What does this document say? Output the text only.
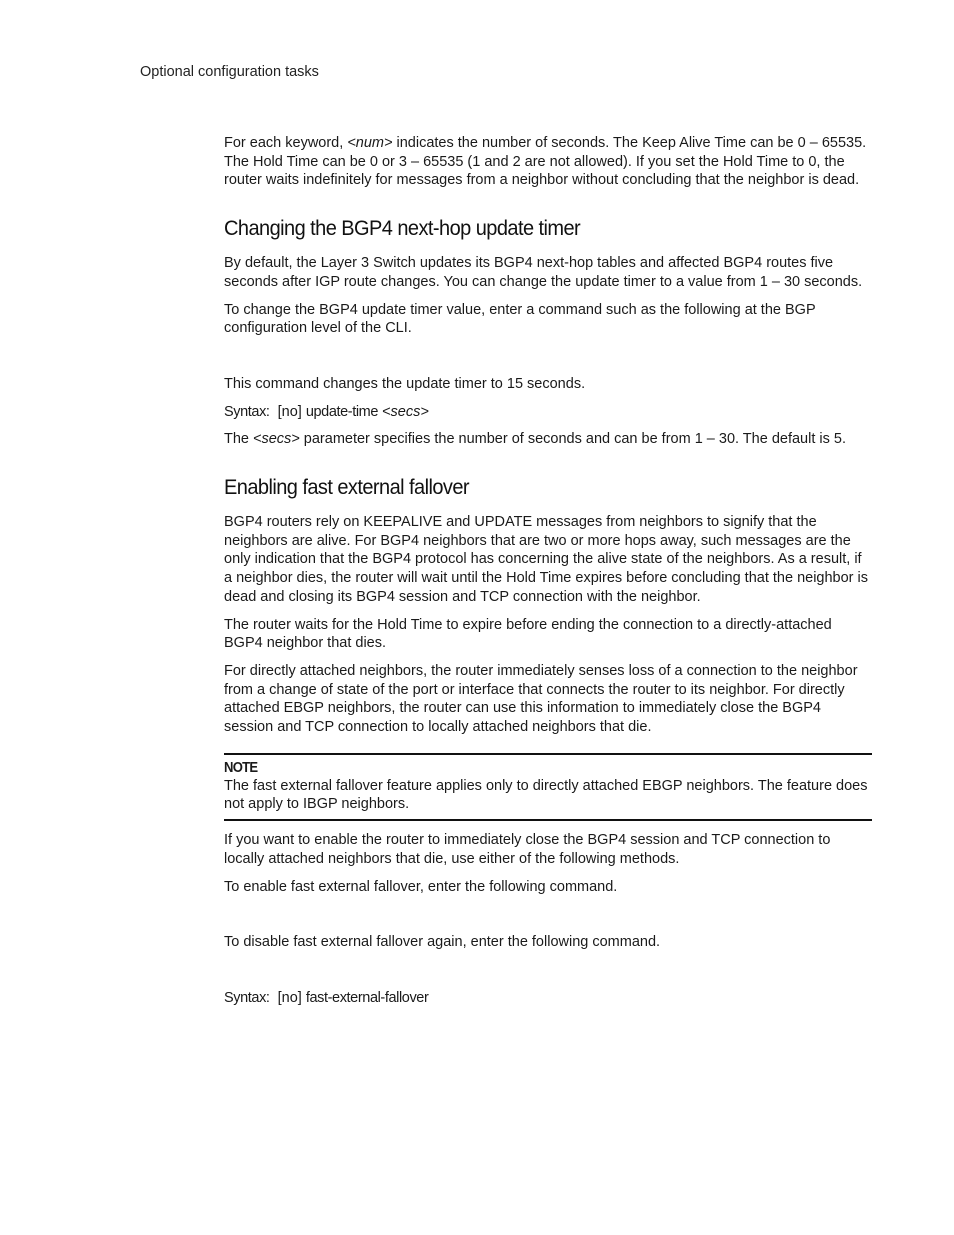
Optional configuration tasks

For each keyword, <num> indicates the number of seconds. The Keep Alive Time can be 0 – 65535. The Hold Time can be 0 or 3 – 65535 (1 and 2 are not allowed). If you set the Hold Time to 0, the router waits indefinitely for messages from a neighbor without concluding that the neighbor is dead.

Changing the BGP4 next-hop update timer

By default, the Layer 3 Switch updates its BGP4 next-hop tables and affected BGP4 routes five seconds after IGP route changes. You can change the update timer to a value from 1 – 30 seconds.

To change the BGP4 update timer value, enter a command such as the following at the BGP configuration level of the CLI.

This command changes the update timer to 15 seconds.

Syntax: [no] update-time <secs>

The <secs> parameter specifies the number of seconds and can be from 1 – 30. The default is 5.

Enabling fast external fallover

BGP4 routers rely on KEEPALIVE and UPDATE messages from neighbors to signify that the neighbors are alive. For BGP4 neighbors that are two or more hops away, such messages are the only indication that the BGP4 protocol has concerning the alive state of the neighbors. As a result, if a neighbor dies, the router will wait until the Hold Time expires before concluding that the neighbor is dead and closing its BGP4 session and TCP connection with the neighbor.

The router waits for the Hold Time to expire before ending the connection to a directly-attached BGP4 neighbor that dies.

For directly attached neighbors, the router immediately senses loss of a connection to the neighbor from a change of state of the port or interface that connects the router to its neighbor. For directly attached EBGP neighbors, the router can use this information to immediately close the BGP4 session and TCP connection to locally attached neighbors that die.

NOTE

The fast external fallover feature applies only to directly attached EBGP neighbors. The feature does not apply to IBGP neighbors.

If you want to enable the router to immediately close the BGP4 session and TCP connection to locally attached neighbors that die, use either of the following methods.

To enable fast external fallover, enter the following command.

To disable fast external fallover again, enter the following command.

Syntax: [no] fast-external-fallover
